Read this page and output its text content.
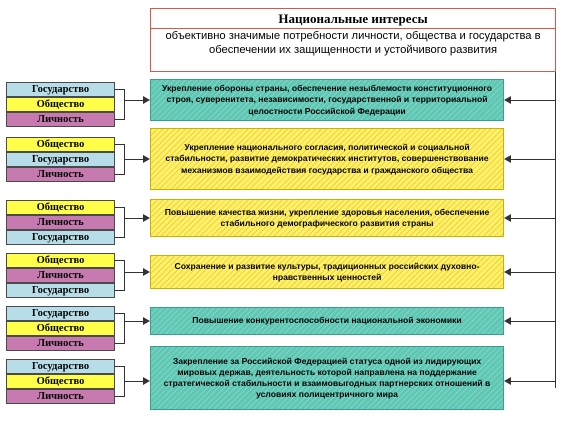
Национальные интересы
объективно значимые потребности личности, общества и государства в обеспечении их защищенности и устойчивого развития
Государство
Общество
Личность
Укрепление обороны страны, обеспечение незыблемости конституционного строя, суверенитета, независимости, государственной и территориальной целостности Российской Федерации
Общество
Государство
Личность
Укрепление национального согласия, политической и социальной стабильности, развитие демократических институтов, совершенствование механизмов взаимодействия государства и гражданского общества
Общество
Личность
Государство
Повышение качества жизни, укрепление здоровья населения, обеспечение стабильного демографического развития страны
Общество
Личность
Государство
Сохранение и развитие культуры, традиционных российских духовно-нравственных ценностей
Государство
Общество
Личность
Повышение конкурентоспособности национальной экономики
Государство
Общество
Личность
Закрепление за Российской Федерацией статуса одной из лидирующих мировых держав, деятельность которой направлена на поддержание стратегической стабильности и взаимовыгодных партнерских отношений в условиях полицентричного мира
